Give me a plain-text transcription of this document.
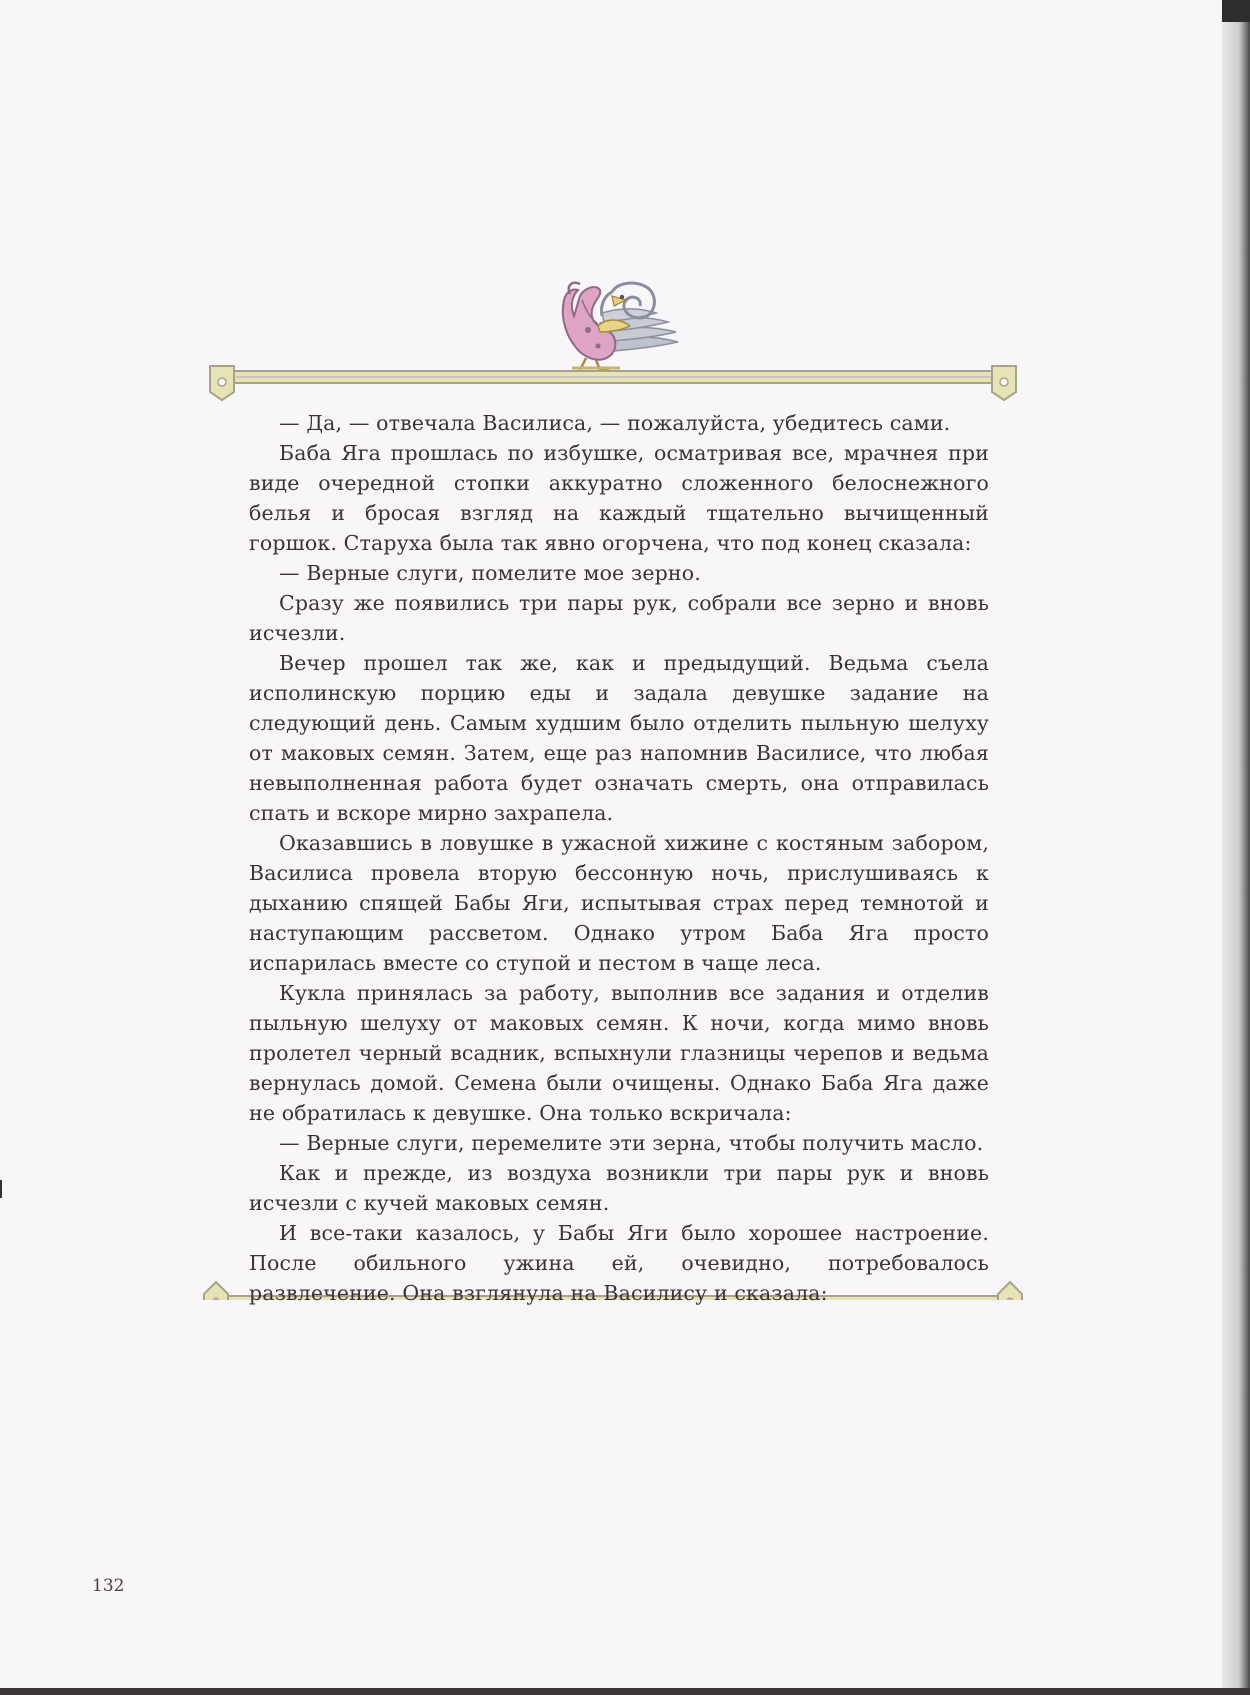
— Да, — отвечала Василиса, — пожалуйста, убедитесь сами.

Баба Яга прошлась по избушке, осматривая все, мрачнея при виде очередной стопки аккуратно сложенного белоснежного белья и бросая взгляд на каждый тщательно вычищенный горшок. Старуха была так явно огорчена, что под конец сказала:

— Верные слуги, помелите мое зерно.

Сразу же появились три пары рук, собрали все зерно и вновь исчезли.

Вечер прошел так же, как и предыдущий. Ведьма съела исполинскую порцию еды и задала девушке задание на следующий день. Самым худшим было отделить пыльную шелуху от маковых семян. Затем, еще раз напомнив Василисе, что любая невыполненная работа будет означать смерть, она отправилась спать и вскоре мирно захрапела.

Оказавшись в ловушке в ужасной хижине с костяным забором, Василиса провела вторую бессонную ночь, прислушиваясь к дыханию спящей Бабы Яги, испытывая страх перед темнотой и наступающим рассветом. Однако утром Баба Яга просто испарилась вместе со ступой и пестом в чаще леса.

Кукла принялась за работу, выполнив все задания и отделив пыльную шелуху от маковых семян. К ночи, когда мимо вновь пролетел черный всадник, вспыхнули глазницы черепов и ведьма вернулась домой. Семена были очищены. Однако Баба Яга даже не обратилась к девушке. Она только вскричала:

— Верные слуги, перемелите эти зерна, чтобы получить масло.

Как и прежде, из воздуха возникли три пары рук и вновь исчезли с кучей маковых семян.

И все-таки казалось, у Бабы Яги было хорошее настроение. После обильного ужина ей, очевидно, потребовалось развлечение. Она взглянула на Василису и сказала:

132
